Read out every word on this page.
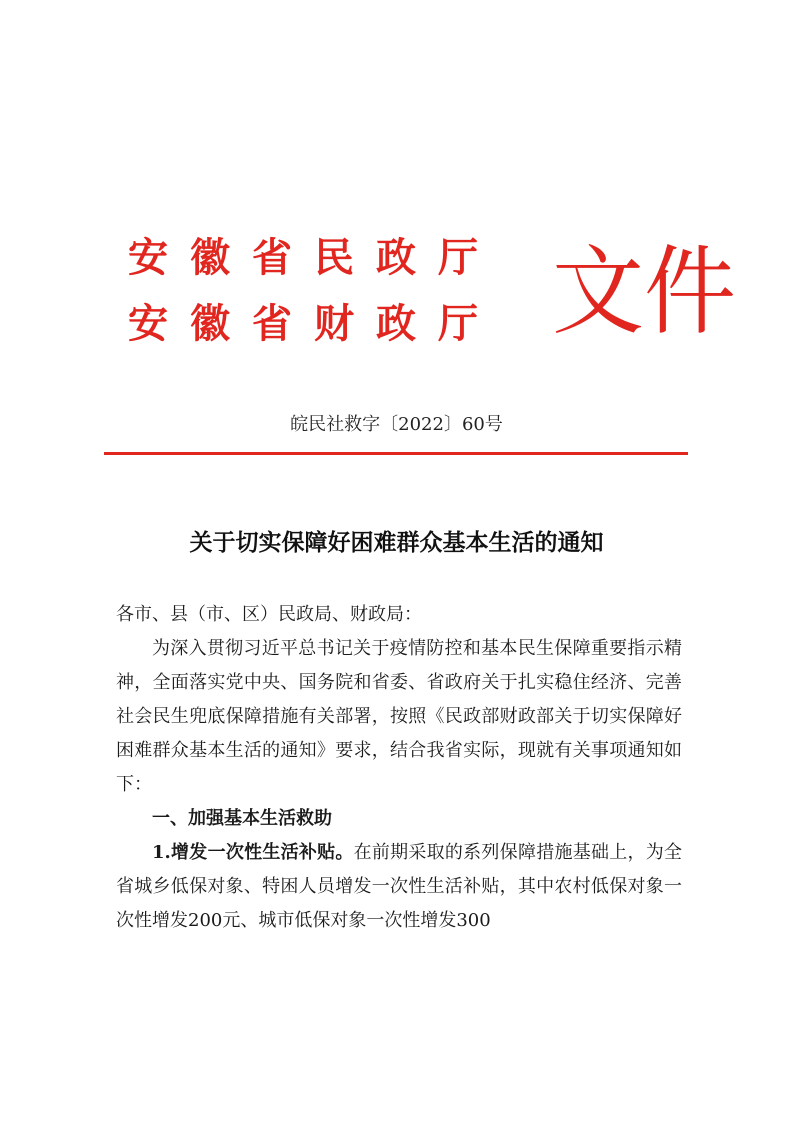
安徽省民政厅
安徽省财政厅 文件
皖民社救字〔2022〕60号
关于切实保障好困难群众基本生活的通知

各市、县（市、区）民政局、财政局：

为深入贯彻习近平总书记关于疫情防控和基本民生保障重要指示精神，全面落实党中央、国务院和省委、省政府关于扎实稳住经济、完善社会民生兜底保障措施有关部署，按照《民政部财政部关于切实保障好困难群众基本生活的通知》要求，结合我省实际，现就有关事项通知如下：

一、加强基本生活救助

1.增发一次性生活补贴。在前期采取的系列保障措施基础上，为全省城乡低保对象、特困人员增发一次性生活补贴，其中农村低保对象一次性增发200元、城市低保对象一次性增发300
